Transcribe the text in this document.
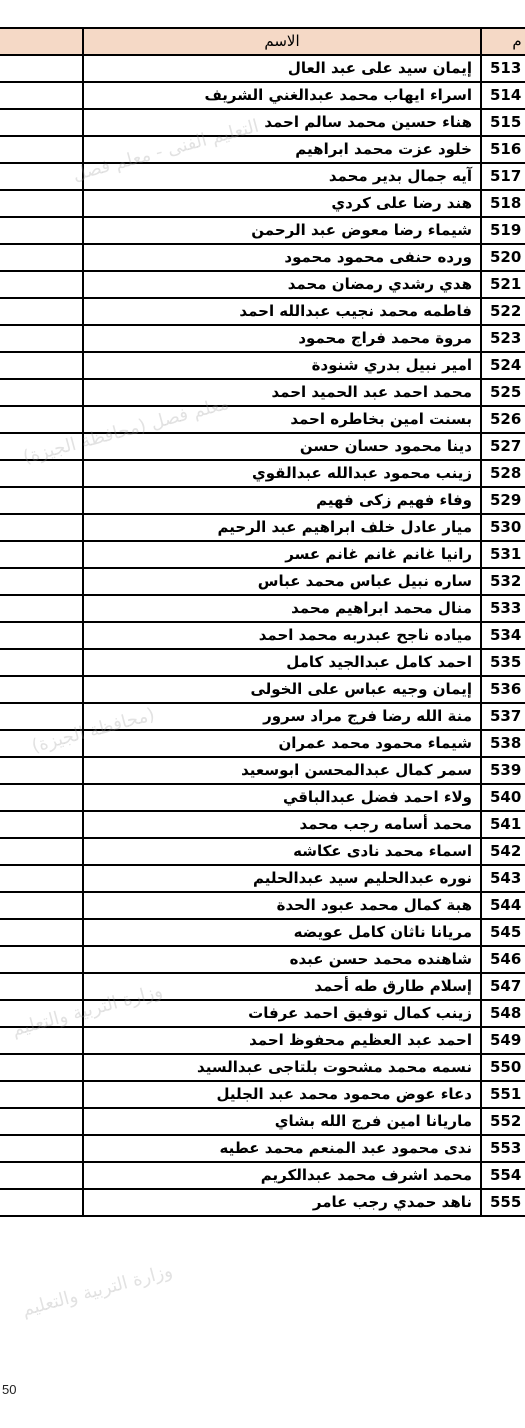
	الاسم	م
	إيمان سيد على عبد العال	513
	اسراء ايهاب محمد عبدالغني الشريف	514
	هناء حسين محمد سالم احمد	515
	خلود عزت محمد ابراهيم	516
	آيه جمال بدير محمد	517
	هند رضا على كردي	518
	شيماء رضا معوض عبد الرحمن	519
	ورده حنفى محمود محمود	520
	هدي رشدي رمضان محمد	521
	فاطمه محمد نجيب عبدالله احمد	522
	مروة محمد فراج محمود	523
	امير نبيل بدري شنودة	524
	محمد احمد عبد الحميد احمد	525
	بسنت امين بخاطره احمد	526
	دينا محمود حسان حسن	527
	زينب محمود عبدالله عبدالقوي	528
	وفاء فهيم زكى فهيم	529
	ميار عادل خلف ابراهيم عبد الرحيم	530
	رانيا غانم غانم غانم عسر	531
	ساره نبيل عباس محمد عباس	532
	منال محمد ابراهيم محمد	533
	مياده ناجح عبدربه محمد احمد	534
	احمد كامل عبدالجيد كامل	535
	إيمان وجيه عباس على الخولى	536
	منة الله رضا فرج مراد سرور	537
	شيماء محمود محمد عمران	538
	سمر كمال عبدالمحسن ابوسعيد	539
	ولاء احمد فضل عبدالباقي	540
	محمد أسامه رجب محمد	541
	اسماء محمد نادى عكاشه	542
	نوره عبدالحليم سيد عبدالحليم	543
	هبة كمال محمد عبود الحدة	544
	مريانا ناثان كامل عويضه	545
	شاهنده محمد حسن عبده	546
	إسلام طارق طه أحمد	547
	زينب كمال توفيق احمد عرفات	548
	احمد عبد العظيم محفوظ احمد	549
	نسمه محمد مشحوت بلتاجى عبدالسيد	550
	دعاء عوض محمود محمد عبد الجليل	551
	ماريانا امين فرج الله بشاي	552
	ندى محمود عبد المنعم محمد عطيه	553
	محمد اشرف محمد عبدالكريم	554
	ناهد حمدي رجب عامر	555
التعليم الفنى - معلم فصل
معلم فصل (محافظة الجيزة)
(محافظة الجيزة)
وزارة التربية والتعليم
وزارة التربية والتعليم
50
